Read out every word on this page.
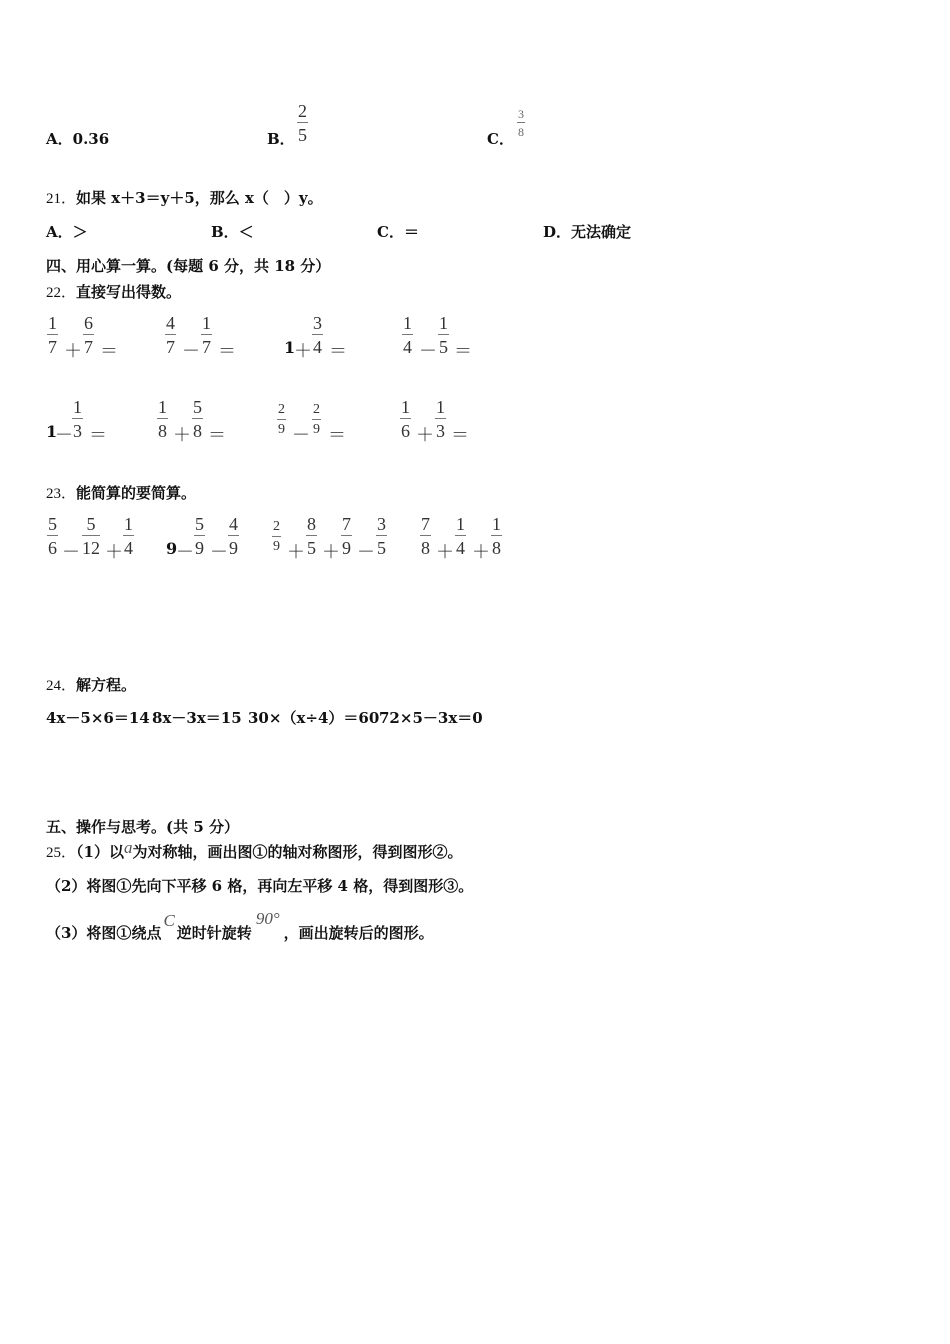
A．0.36	B．
2
5	C．
3
8
21．如果 x＋3＝y＋5，那么 x（　）y。
A．＞	B．＜	C．＝	D．无法确定
四、用心算一算。(每题 6 分，共 18 分）
22．直接写出得数。
1
7 ＋
6
7 ＝
4
7 －
1
7 ＝	1
＋
3
4 ＝
1
4 －
1
5 ＝
1
－
1
3 ＝
1
8 ＋
5
8 ＝
2
9 －
2
9 ＝
1
6 ＋
1
3 ＝
23．能简算的要简算。
5
6 －
5
12 ＋
1
4 9
－
5
9 －
4
9
2
9 ＋
8
5 ＋
7
9 －
3
5
7
8 ＋
1
4 ＋
1
8
24．解方程。
4x－5×6＝14 8x－3x＝15 30×（x÷4）＝60 72×5－3x＝0
五、操作与思考。(共 5 分）
25．（1）以a为对称轴，画出图①的轴对称图形，得到图形②。
（2）将图①先向下平移 6 格，再向左平移 4 格，得到图形③。
（3）将图①绕点C逆时针旋转90°，画出旋转后的图形。
